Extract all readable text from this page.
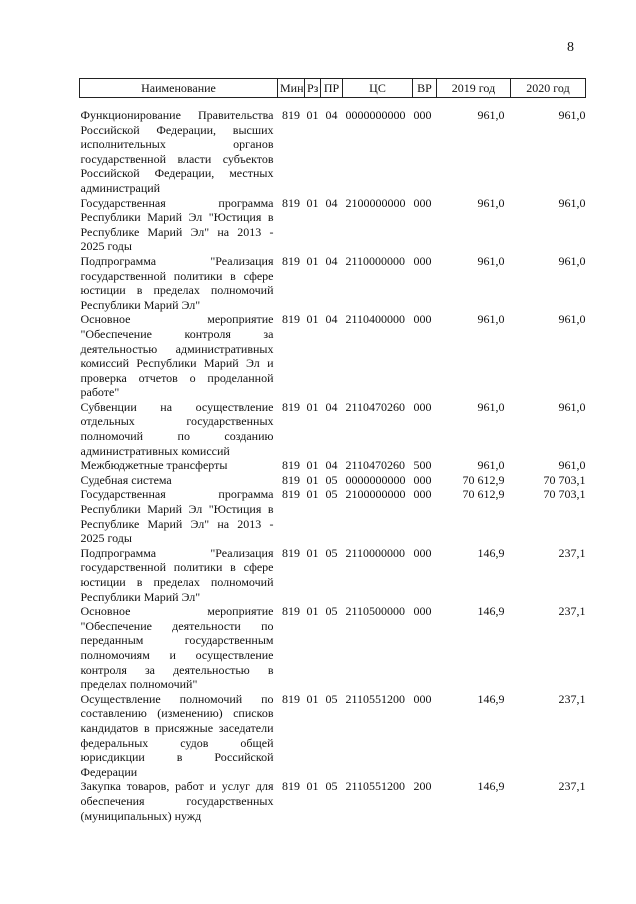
8
Наименование	Мин	Рз	ПР	ЦС	ВР	2019 год	2020 год
Функционирование Правительства Российской Федерации, высших исполнительных органов государственной власти субъектов Российской Федерации, местных администраций	819	01	04	0000000000	000	961,0	961,0
Государственная программа Республики Марий Эл "Юстиция в Республике Марий Эл" на 2013 - 2025 годы	819	01	04	2100000000	000	961,0	961,0
Подпрограмма "Реализация государственной политики в сфере юстиции в пределах полномочий Республики Марий Эл"	819	01	04	2110000000	000	961,0	961,0
Основное мероприятие "Обеспечение контроля за деятельностью административных комиссий Республики Марий Эл и проверка отчетов о проделанной работе"	819	01	04	2110400000	000	961,0	961,0
Субвенции на осуществление отдельных государственных полномочий по созданию административных комиссий	819	01	04	2110470260	000	961,0	961,0
Межбюджетные трансферты	819	01	04	2110470260	500	961,0	961,0
Судебная система	819	01	05	0000000000	000	70 612,9	70 703,1
Государственная программа Республики Марий Эл "Юстиция в Республике Марий Эл" на 2013 - 2025 годы	819	01	05	2100000000	000	70 612,9	70 703,1
Подпрограмма "Реализация государственной политики в сфере юстиции в пределах полномочий Республики Марий Эл"	819	01	05	2110000000	000	146,9	237,1
Основное мероприятие "Обеспечение деятельности по переданным государственным полномочиям и осуществление контроля за деятельностью в пределах полномочий"	819	01	05	2110500000	000	146,9	237,1
Осуществление полномочий по составлению (изменению) списков кандидатов в присяжные заседатели федеральных судов общей юрисдикции в Российской Федерации	819	01	05	2110551200	000	146,9	237,1
Закупка товаров, работ и услуг для обеспечения государственных (муниципальных) нужд	819	01	05	2110551200	200	146,9	237,1
